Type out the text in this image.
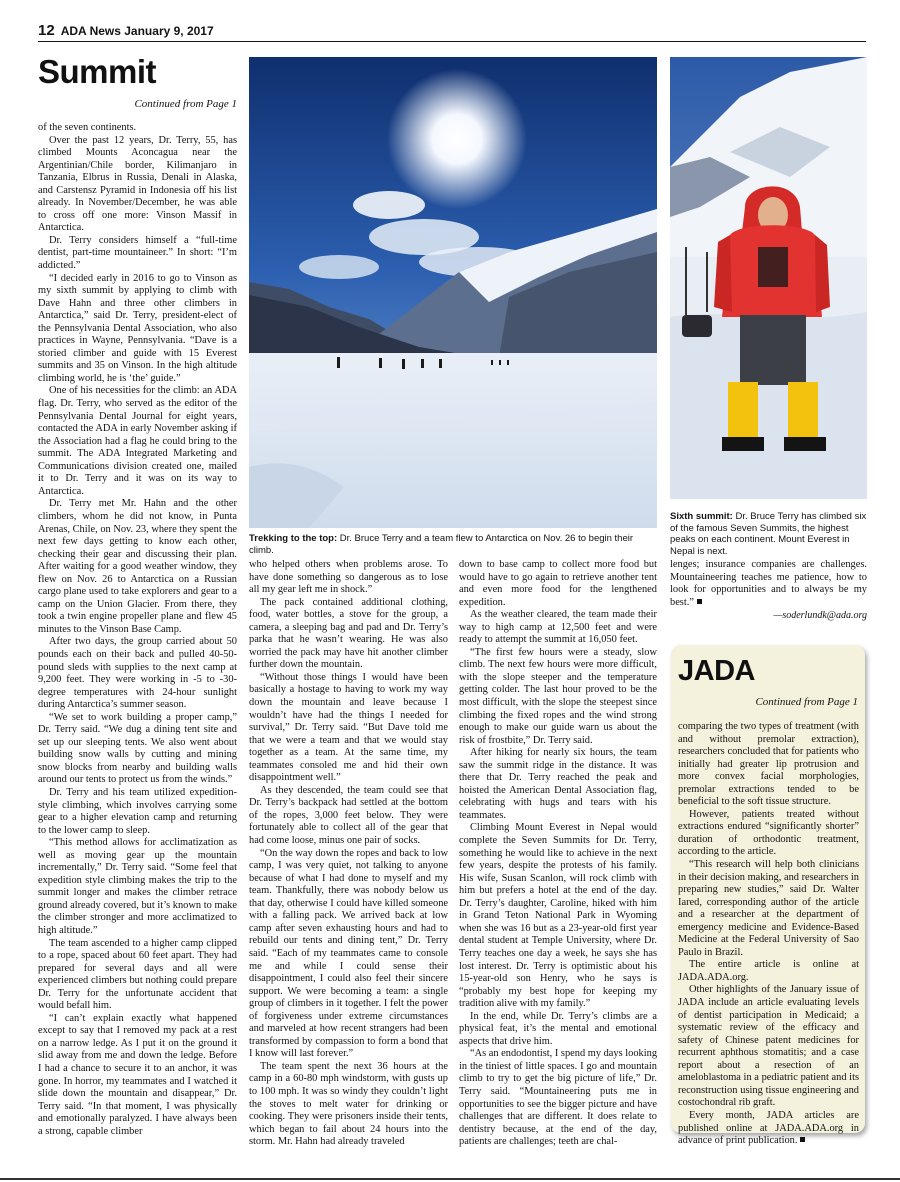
12 ADA News January 9, 2017
Summit
Continued from Page 1

of the seven continents.

Over the past 12 years, Dr. Terry, 55, has climbed Mounts Aconcagua near the Argentinian/Chile border, Kilimanjaro in Tanzania, Elbrus in Russia, Denali in Alaska, and Carstensz Pyramid in Indonesia off his list already. In November/December, he was able to cross off one more: Vinson Massif in Antarctica.

Dr. Terry considers himself a “full-time dentist, part-time mountaineer.” In short: “I’m addicted.”

“I decided early in 2016 to go to Vinson as my sixth summit by applying to climb with Dave Hahn and three other climbers in Antarctica,” said Dr. Terry, president-elect of the Pennsylvania Dental Association, who also practices in Wayne, Pennsylvania. “Dave is a storied climber and guide with 15 Everest summits and 35 on Vinson. In the high altitude climbing world, he is ‘the’ guide.”

One of his necessities for the climb: an ADA flag. Dr. Terry, who served as the editor of the Pennsylvania Dental Journal for eight years, contacted the ADA in early November asking if the Association had a flag he could bring to the summit. The ADA Integrated Marketing and Communications division created one, mailed it to Dr. Terry and it was on its way to Antarctica.

Dr. Terry met Mr. Hahn and the other climbers, whom he did not know, in Punta Arenas, Chile, on Nov. 23, where they spent the next few days getting to know each other, checking their gear and discussing their plan. After waiting for a good weather window, they flew on Nov. 26 to Antarctica on a Russian cargo plane used to take explorers and gear to a camp on the Union Glacier. From there, they took a twin engine propeller plane and flew 45 minutes to the Vinson Base Camp.

After two days, the group carried about 50 pounds each on their back and pulled 40-50-pound sleds with supplies to the next camp at 9,200 feet. They were working in -5 to -30-degree temperatures with 24-hour sunlight during Antarctica’s summer season.

“We set to work building a proper camp,” Dr. Terry said. “We dug a dining tent site and set up our sleeping tents. We also went about building snow walls by cutting and mining snow blocks from nearby and building walls around our tents to protect us from the winds.”

Dr. Terry and his team utilized expedition-style climbing, which involves carrying some gear to a higher elevation camp and returning to the lower camp to sleep.

“This method allows for acclimatization as well as moving gear up the mountain incrementally,” Dr. Terry said. “Some feel that expedition style climbing makes the trip to the summit longer and makes the climber retrace ground already covered, but it’s known to make the climber stronger and more acclimatized to high altitude.”

The team ascended to a higher camp clipped to a rope, spaced about 60 feet apart. They had prepared for several days and all were experienced climbers but nothing could prepare Dr. Terry for the unfortunate accident that would befall him.

“I can’t explain exactly what happened except to say that I removed my pack at a rest on a narrow ledge. As I put it on the ground it slid away from me and down the ledge. Before I had a chance to secure it to an anchor, it was gone. In horror, my teammates and I watched it slide down the mountain and disappear,” Dr. Terry said. “In that moment, I was physically and emotionally paralyzed. I have always been a strong, capable climber

Trekking to the top: Dr. Bruce Terry and a team flew to Antarctica on Nov. 26 to begin their climb.
Sixth summit: Dr. Bruce Terry has climbed six of the famous Seven Summits, the highest peaks on each continent. Mount Everest in Nepal is next.

who helped others when problems arose. To have done something so dangerous as to lose all my gear left me in shock.”

The pack contained additional clothing, food, water bottles, a stove for the group, a camera, a sleeping bag and pad and Dr. Terry’s parka that he wasn’t wearing. He was also worried the pack may have hit another climber further down the mountain.

“Without those things I would have been basically a hostage to having to work my way down the mountain and leave because I wouldn’t have had the things I needed for survival,” Dr. Terry said. “But Dave told me that we were a team and that we would stay together as a team. At the same time, my teammates consoled me and hid their own disappointment well.”

As they descended, the team could see that Dr. Terry’s backpack had settled at the bottom of the ropes, 3,000 feet below. They were fortunately able to collect all of the gear that had come loose, minus one pair of socks.

“On the way down the ropes and back to low camp, I was very quiet, not talking to anyone because of what I had done to myself and my team. Thankfully, there was nobody below us that day, otherwise I could have killed someone with a falling pack. We arrived back at low camp after seven exhausting hours and had to rebuild our tents and dining tent,” Dr. Terry said. “Each of my teammates came to console me and while I could sense their disappointment, I could also feel their sincere support. We were becoming a team: a single group of climbers in it together. I felt the power of forgiveness under extreme circumstances and marveled at how recent strangers had been transformed by compassion to form a bond that I know will last forever.”

The team spent the next 36 hours at the camp in a 60-80 mph windstorm, with gusts up to 100 mph. It was so windy they couldn’t light the stoves to melt water for drinking or cooking. They were prisoners inside their tents, which began to fail about 24 hours into the storm. Mr. Hahn had already traveled

down to base camp to collect more food but would have to go again to retrieve another tent and even more food for the lengthened expedition.

As the weather cleared, the team made their way to high camp at 12,500 feet and were ready to attempt the summit at 16,050 feet.

“The first few hours were a steady, slow climb. The next few hours were more difficult, with the slope steeper and the temperature getting colder. The last hour proved to be the most difficult, with the slope the steepest since climbing the fixed ropes and the wind strong enough to make our guide warn us about the risk of frostbite,” Dr. Terry said.

After hiking for nearly six hours, the team saw the summit ridge in the distance. It was there that Dr. Terry reached the peak and hoisted the American Dental Association flag, celebrating with hugs and tears with his teammates.

Climbing Mount Everest in Nepal would complete the Seven Summits for Dr. Terry, something he would like to achieve in the next few years, despite the protests of his family. His wife, Susan Scanlon, will rock climb with him but prefers a hotel at the end of the day. Dr. Terry’s daughter, Caroline, hiked with him in Grand Teton National Park in Wyoming when she was 16 but as a 23-year-old first year dental student at Temple University, where Dr. Terry teaches one day a week, he says she has lost interest. Dr. Terry is optimistic about his 15-year-old son Henry, who he says is “probably my best hope for keeping my tradition alive with my family.”

In the end, while Dr. Terry’s climbs are a physical feat, it’s the mental and emotional aspects that drive him.

“As an endodontist, I spend my days looking in the tiniest of little spaces. I go and mountain climb to try to get the big picture of life,” Dr. Terry said. “Mountaineering puts me in opportunities to see the bigger picture and have challenges that are different. It does relate to dentistry because, at the end of the day, patients are challenges; teeth are chal-

lenges; insurance companies are challenges. Mountaineering teaches me patience, how to look for opportunities and to always be my best.”

—soderlundk@ada.org
JADA
Continued from Page 1

comparing the two types of treatment (with and without premolar extraction), researchers concluded that for patients who initially had greater lip protrusion and more convex facial morphologies, premolar extractions tended to be beneficial to the soft tissue structure.

However, patients treated without extractions endured “significantly shorter” duration of orthodontic treatment, according to the article.

“This research will help both clinicians in their decision making, and researchers in preparing new studies,” said Dr. Walter Iared, corresponding author of the article and a researcher at the department of emergency medicine and Evidence-Based Medicine at the Federal University of Sao Paulo in Brazil.

The entire article is online at JADA.ADA.org.

Other highlights of the January issue of JADA include an article evaluating levels of dentist participation in Medicaid; a systematic review of the efficacy and safety of Chinese patent medicines for recurrent aphthous stomatitis; and a case report about a resection of an ameloblastoma in a pediatric patient and its reconstruction using tissue engineering and costochondral rib graft.

Every month, JADA articles are published online at JADA.ADA.org in advance of print publication.
